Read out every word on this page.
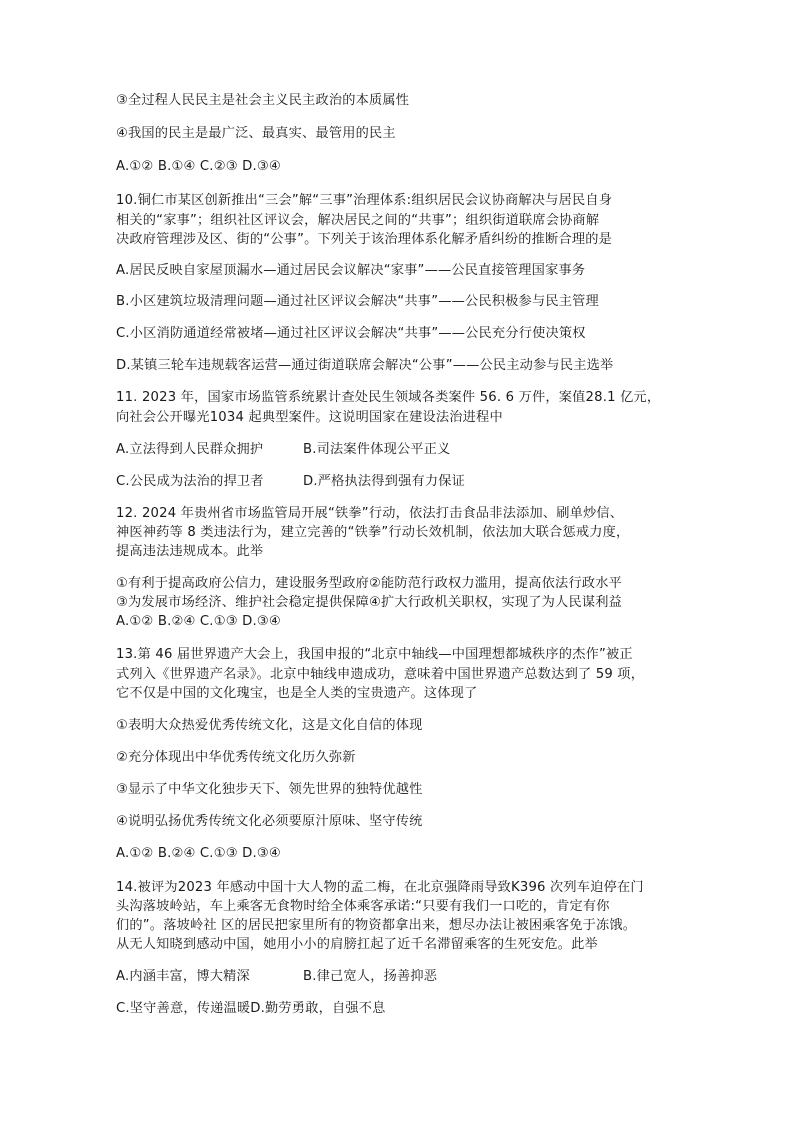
③全过程人民民主是社会主义民主政治的本质属性
④我国的民主是最广泛、最真实、最管用的民主
A.①② B.①④ C.②③ D.③④
10.铜仁市某区创新推出“三会”解“三事”治理体系:组织居民会议协商解决与居民自身
相关的“家事”；组织社区评议会，解决居民之间的“共事”；组织街道联席会协商解
决政府管理涉及区、街的“公事”。下列关于该治理体系化解矛盾纠纷的推断合理的是
A.居民反映自家屋顶漏水—通过居民会议解决“家事”——公民直接管理国家事务
B.小区建筑垃圾清理问题—通过社区评议会解决“共事”——公民积极参与民主管理
C.小区消防通道经常被堵—通过社区评议会解决“共事”——公民充分行使决策权
D.某镇三轮车违规载客运营—通过街道联席会解决“公事”——公民主动参与民主选举
11. 2023 年，国家市场监管系统累计查处民生领域各类案件 56. 6 万件，案值28.1 亿元，
向社会公开曝光1034 起典型案件。这说明国家在建设法治进程中
A.立法得到人民群众拥护	B.司法案件体现公平正义
C.公民成为法治的捍卫者	D.严格执法得到强有力保证
12. 2024 年贵州省市场监管局开展“铁拳”行动，依法打击食品非法添加、刷单炒信、
神医神药等 8 类违法行为，建立完善的“铁拳”行动长效机制，依法加大联合惩戒力度，
提高违法违规成本。此举
①有利于提高政府公信力，建设服务型政府②能防范行政权力滥用，提高依法行政水平
③为发展市场经济、维护社会稳定提供保障④扩大行政机关职权，实现了为人民谋利益
A.①② B.②④ C.①③ D.③④
13.第 46 届世界遗产大会上，我国申报的“北京中轴线—中国理想都城秩序的杰作”被正
式列入《世界遗产名录》。北京中轴线申遗成功，意味着中国世界遗产总数达到了 59 项，
它不仅是中国的文化瑰宝，也是全人类的宝贵遗产。这体现了
①表明大众热爱优秀传统文化，这是文化自信的体现
②充分体现出中华优秀传统文化历久弥新
③显示了中华文化独步天下、领先世界的独特优越性
④说明弘扬优秀传统文化必须要原汁原味、坚守传统
A.①② B.②④ C.①③ D.③④
14.被评为2023 年感动中国十大人物的孟二梅，在北京强降雨导致K396 次列车迫停在门
头沟落坡岭站，车上乘客无食物时给全体乘客承诺:“只要有我们一口吃的，肯定有你
们的”。落坡岭社 区的居民把家里所有的物资都拿出来，想尽办法让被困乘客免于冻饿。
从无人知晓到感动中国，她用小小的肩膀扛起了近千名滞留乘客的生死安危。此举
A.内涵丰富，博大精深	B.律己宽人，扬善抑恶
C.坚守善意，传递温暖D.勤劳勇敢，自强不息
